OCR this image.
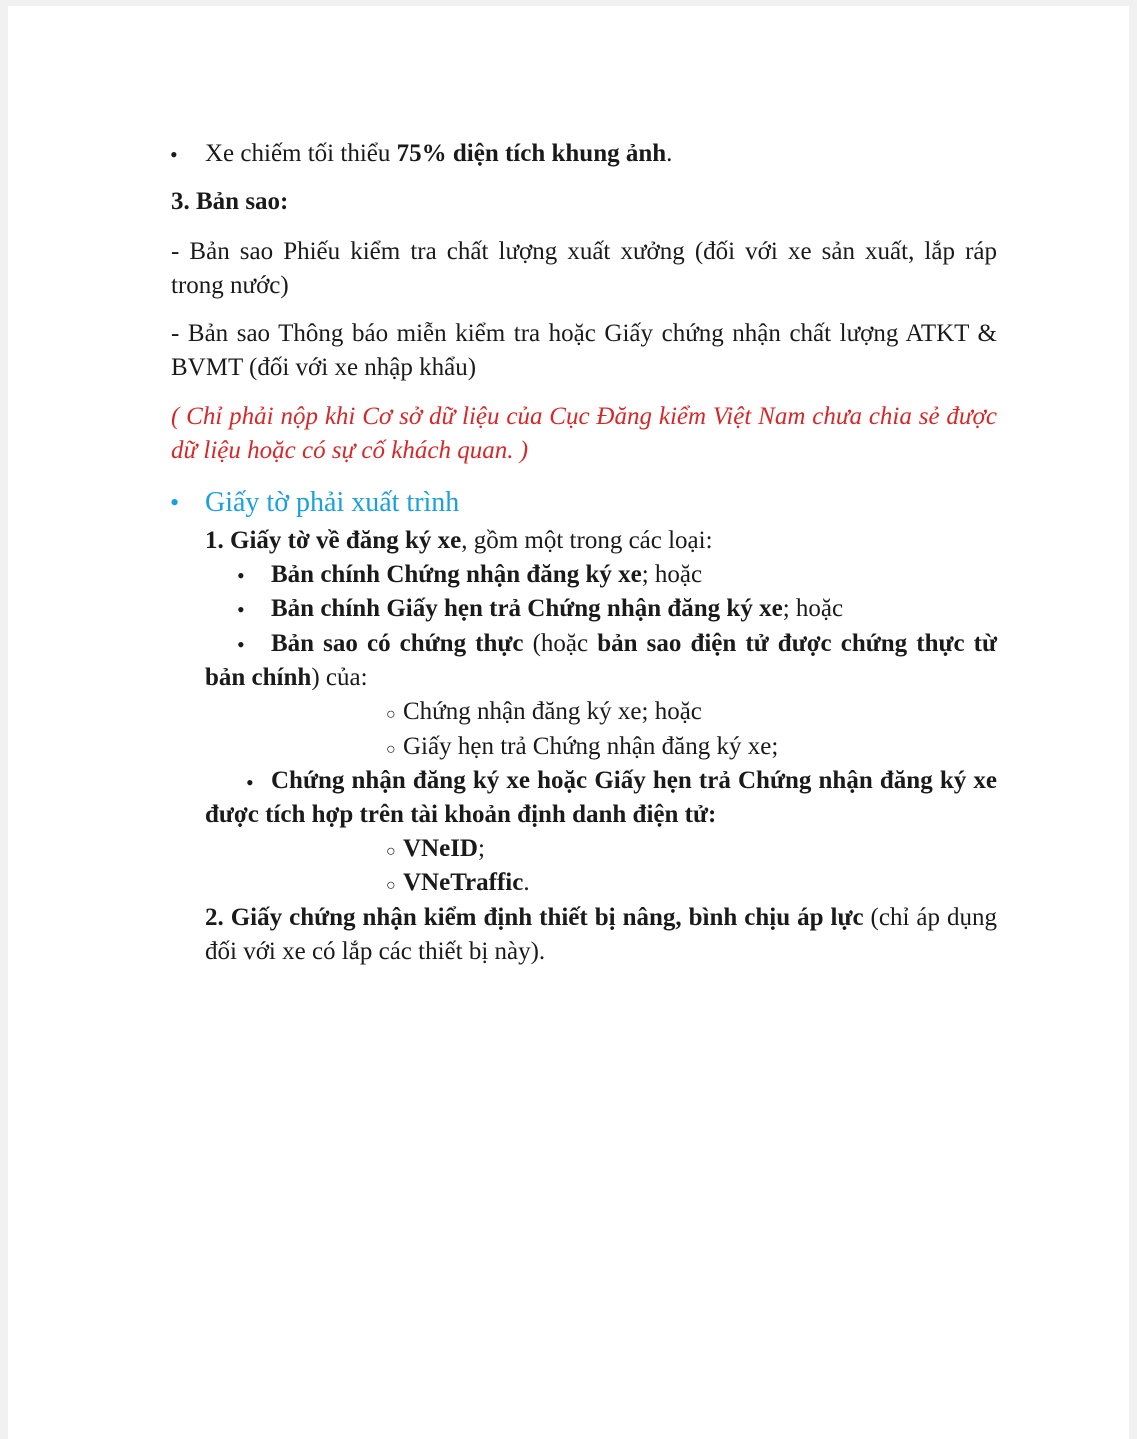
• Xe chiếm tối thiểu 75% diện tích khung ảnh.
3. Bản sao:
- Bản sao Phiếu kiểm tra chất lượng xuất xưởng (đối với xe sản xuất, lắp ráp
trong nước)
- Bản sao Thông báo miễn kiểm tra hoặc Giấy chứng nhận chất lượng ATKT &
BVMT (đối với xe nhập khẩu)
( Chỉ phải nộp khi Cơ sở dữ liệu của Cục Đăng kiểm Việt Nam chưa chia sẻ được
dữ liệu hoặc có sự cố khách quan. )
• Giấy tờ phải xuất trình
1. Giấy tờ về đăng ký xe, gồm một trong các loại:
• Bản chính Chứng nhận đăng ký xe; hoặc
• Bản chính Giấy hẹn trả Chứng nhận đăng ký xe; hoặc
• Bản sao có chứng thực (hoặc bản sao điện tử được chứng thực từ
bản chính) của:
○ Chứng nhận đăng ký xe; hoặc
○ Giấy hẹn trả Chứng nhận đăng ký xe;
• Chứng nhận đăng ký xe hoặc Giấy hẹn trả Chứng nhận đăng ký xe
được tích hợp trên tài khoản định danh điện tử:
○ VNeID;
○ VNeTraffic.
2. Giấy chứng nhận kiểm định thiết bị nâng, bình chịu áp lực (chỉ áp dụng
đối với xe có lắp các thiết bị này).
